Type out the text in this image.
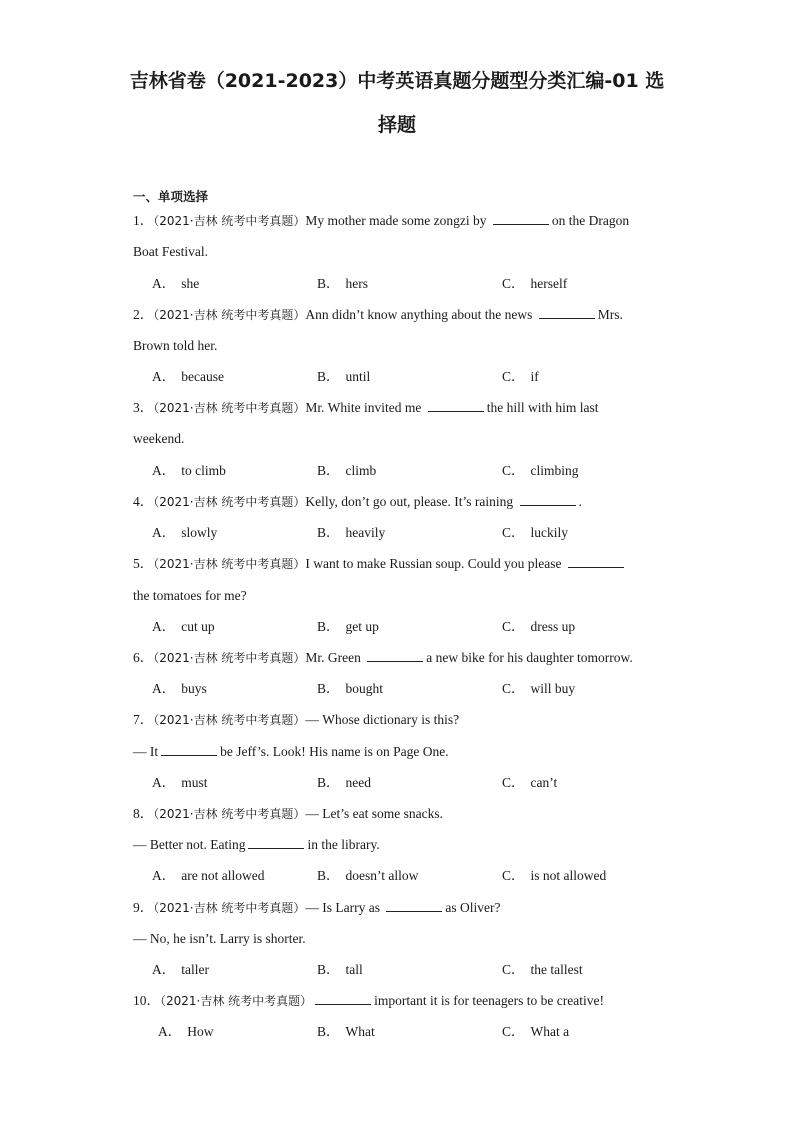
吉林省卷（2021-2023）中考英语真题分题型分类汇编-01 选
择题
一、单项选择
1．（2021·吉林 统考中考真题）My mother made some zongzi by	on the Dragon
Boat Festival.
A． she	B． hers	C． herself
2．（2021·吉林 统考中考真题）Ann didn’t know anything about the news	Mrs.
Brown told her.
A． because	B． until	C． if
3．（2021·吉林 统考中考真题）Mr. White invited me	the hill with him last
weekend.
A． to climb	B． climb	C． climbing
4．（2021·吉林 统考中考真题）Kelly, don’t go out, please. It’s raining	.
A． slowly	B． heavily	C． luckily
5．（2021·吉林 统考中考真题）I want to make Russian soup. Could you please
the tomatoes for me?
A． cut up	B． get up	C． dress up
6．（2021·吉林 统考中考真题）Mr. Green	a new bike for his daughter tomorrow.
A． buys	B． bought	C． will buy
7．（2021·吉林 统考中考真题）— Whose dictionary is this?
— It	be Jeff’s. Look! His name is on Page One.
A． must	B． need	C． can’t
8．（2021·吉林 统考中考真题）— Let’s eat some snacks.
— Better not. Eating	in the library.
A． are not allowed	B． doesn’t allow	C． is not allowed
9．（2021·吉林 统考中考真题）— Is Larry as	as Oliver?
— No, he isn’t. Larry is shorter.
A． taller	B． tall	C． the tallest
10．（2021·吉林 统考中考真题）	important it is for teenagers to be creative!
A． How	B． What	C． What a
